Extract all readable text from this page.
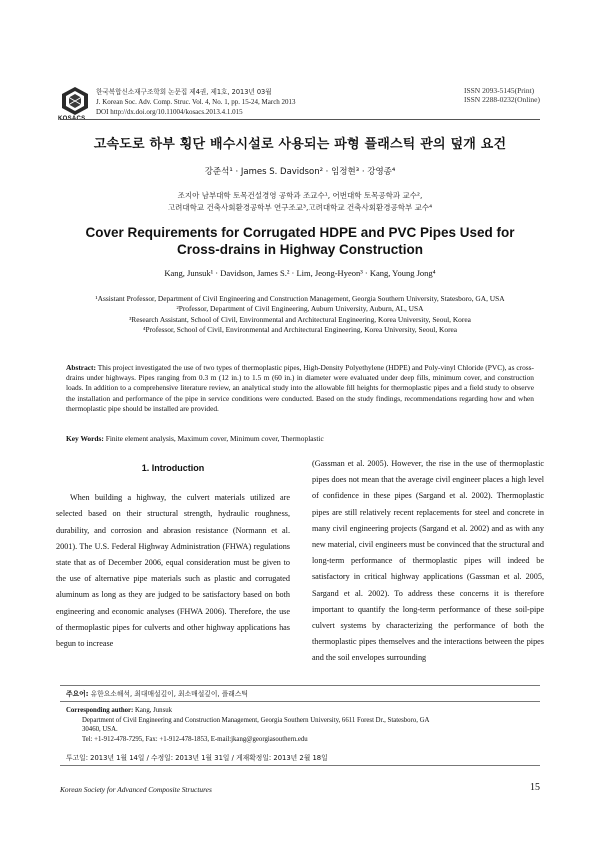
KOSACS
한국복합신소재구조학회 논문집 제4권, 제1호, 2013년 03월
J. Korean Soc. Adv. Comp. Struc. Vol. 4, No. 1, pp. 15-24, March 2013
DOI http://dx.doi.org/10.11004/kosacs.2013.4.1.015
ISSN 2093-5145(Print)
ISSN 2288-0232(Online)
고속도로 하부 횡단 배수시설로 사용되는 파형 플래스틱 관의 덮개 요건
강준석¹ · James S. Davidson² · 임정현³ · 강영종⁴
조지아 남부대학 토목건설경영 공학과 조교수¹, 어번대학 토목공학과 교수²,
고려대학교 건축사회환경공학부 연구조교³,고려대학교 건축사회환경공학부 교수⁴
Cover Requirements for Corrugated HDPE and PVC Pipes Used for
Cross-drains in Highway Construction
Kang, Junsuk¹ · Davidson, James S.² · Lim, Jeong-Hyeon³ · Kang, Young Jong⁴
¹Assistant Professor, Department of Civil Engineering and Construction Management, Georgia Southern University, Statesboro, GA, USA
²Professor, Department of Civil Engineering, Auburn University, Auburn, AL, USA
³Research Assistant, School of Civil, Environmental and Architectural Engineering, Korea University, Seoul, Korea
⁴Professor, School of Civil, Environmental and Architectural Engineering, Korea University, Seoul, Korea
Abstract: This project investigated the use of two types of thermoplastic pipes, High-Density Polyethylene (HDPE) and Poly-vinyl Chloride (PVC), as cross-drains under highways. Pipes ranging from 0.3 m (12 in.) to 1.5 m (60 in.) in diameter were evaluated under deep fills, minimum cover, and construction loads. In addition to a comprehensive literature review, an analytical study into the allowable fill heights for thermoplastic pipes and a field study to observe the installation and performance of the pipe in service conditions were conducted. Based on the study findings, recommendations regarding how and when thermoplastic pipe should be installed are provided.
Key Words: Finite element analysis, Maximum cover, Minimum cover, Thermoplastic
1. Introduction

When building a highway, the culvert materials utilized are selected based on their structural strength, hydraulic roughness, durability, and corrosion and abrasion resistance (Normann et al. 2001). The U.S. Federal Highway Administration (FHWA) regulations state that as of December 2006, equal consideration must be given to the use of alternative pipe materials such as plastic and corrugated aluminum as long as they are judged to be satisfactory based on both engineering and economic analyses (FHWA 2006). Therefore, the use of thermoplastic pipes for culverts and other highway applications has begun to increase

(Gassman et al. 2005). However, the rise in the use of thermoplastic pipes does not mean that the average civil engineer places a high level of confidence in these pipes (Sargand et al. 2002). Thermoplastic pipes are still relatively recent replacements for steel and concrete in many civil engineering projects (Sargand et al. 2002) and as with any new material, civil engineers must be convinced that the structural and long-term performance of thermoplastic pipes will indeed be satisfactory in critical highway applications (Gassman et al. 2005, Sargand et al. 2002). To address these concerns it is therefore important to quantify the long-term performance of these soil-pipe culvert systems by characterizing the performance of both the thermoplastic pipes themselves and the interactions between the pipes and the soil envelopes surrounding

주요어: 유한요소해석, 최대매설깊이, 최소매설깊이, 플래스틱
Corresponding author: Kang, Junsuk
Department of Civil Engineering and Construction Management, Georgia Southern University, 6611 Forest Dr., Statesboro, GA
30460, USA.
Tel: +1-912-478-7295, Fax: +1-912-478-1853, E-mail:jkang@georgiasouthern.edu
투고일: 2013년 1월 14일 / 수정일: 2013년 1월 31일 / 게재확정일: 2013년 2월 18일
Korean Society for Advanced Composite Structures	15
